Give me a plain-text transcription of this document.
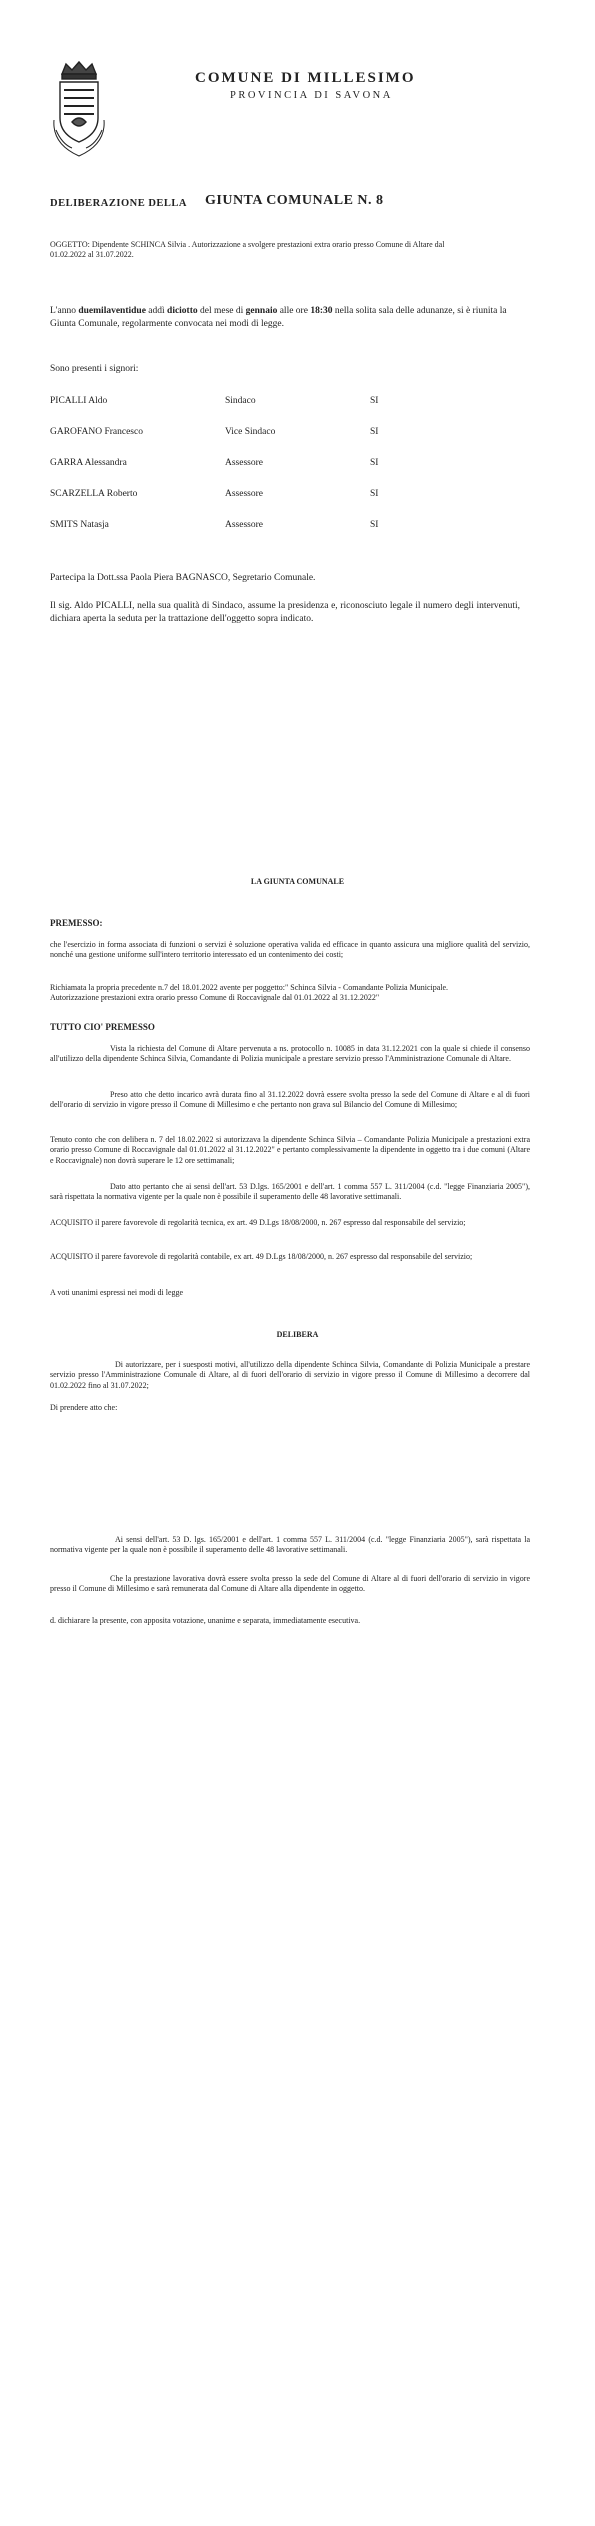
COMUNE DI MILLESIMO
PROVINCIA DI SAVONA
DELIBERAZIONE DELLA GIUNTA COMUNALE N. 8
OGGETTO: Dipendente SCHINCA Silvia . Autorizzazione a svolgere prestazioni extra orario presso Comune di Altare dal 01.02.2022 al 31.07.2022.
L'anno duemilaventidue addì diciotto del mese di gennaio alle ore 18:30 nella solita sala delle adunanze, si è riunita la Giunta Comunale, regolarmente convocata nei modi di legge.
Sono presenti i signori:
PICALLI Aldo	Sindaco	SI
GAROFANO Francesco	Vice Sindaco	SI
GARRA Alessandra	Assessore	SI
SCARZELLA Roberto	Assessore	SI
SMITS Natasja	Assessore	SI
Partecipa la Dott.ssa Paola Piera BAGNASCO, Segretario Comunale.
Il sig. Aldo PICALLI, nella sua qualità di Sindaco, assume la presidenza e, riconosciuto legale il numero degli intervenuti, dichiara aperta la seduta per la trattazione dell'oggetto sopra indicato.
LA GIUNTA COMUNALE
PREMESSO:
che l'esercizio in forma associata di funzioni o servizi è soluzione operativa valida ed efficace in quanto assicura una migliore qualità del servizio, nonché una gestione uniforme sull'intero territorio interessato ed un contenimento dei costi;
Richiamata la propria precedente n.7 del 18.01.2022 avente per poggetto:" Schinca Silvia - Comandante Polizia Municipale. Autorizzazione prestazioni extra orario presso Comune di Roccavignale dal 01.01.2022 al 31.12.2022"
TUTTO CIO' PREMESSO
Vista la richiesta del Comune di Altare pervenuta a ns. protocollo n. 10085 in data 31.12.2021 con la quale si chiede il consenso all'utilizzo della dipendente Schinca Silvia, Comandante di Polizia municipale a prestare servizio presso l'Amministrazione Comunale di Altare.
Preso atto che detto incarico avrà durata fino al 31.12.2022 dovrà essere svolta presso la sede del Comune di Altare e al di fuori dell'orario di servizio in vigore presso il Comune di Millesimo e che pertanto non grava sul Bilancio del Comune di Millesimo;
Tenuto conto che con delibera n. 7 del 18.02.2022 si autorizzava la dipendente Schinca Silvia – Comandante Polizia Municipale a prestazioni extra orario presso Comune di Roccavignale dal 01.01.2022 al 31.12.2022" e pertanto complessivamente la dipendente in oggetto tra i due comuni (Altare e Roccavignale) non dovrà superare le 12 ore settimanali;
Dato atto pertanto che ai sensi dell'art. 53 D.lgs. 165/2001 e dell'art. 1 comma 557 L. 311/2004 (c.d. "legge Finanziaria 2005"), sarà rispettata la normativa vigente per la quale non è possibile il superamento delle 48 lavorative settimanali.
ACQUISITO il parere favorevole di regolarità tecnica, ex art. 49 D.Lgs 18/08/2000, n. 267 espresso dal responsabile del servizio;
ACQUISITO il parere favorevole di regolarità contabile, ex art. 49 D.Lgs 18/08/2000, n. 267 espresso dal responsabile del servizio;
A voti unanimi espressi nei modi di legge
DELIBERA
Di autorizzare, per i suesposti motivi, all'utilizzo della dipendente Schinca Silvia, Comandante di Polizia Municipale a prestare servizio presso l'Amministrazione Comunale di Altare, al di fuori dell'orario di servizio in vigore presso il Comune di Millesimo a decorrere dal 01.02.2022 fino al 31.07.2022;
Di prendere atto che:
Ai sensi dell'art. 53 D. lgs. 165/2001 e dell'art. 1 comma 557 L. 311/2004 (c.d. "legge Finanziaria 2005"), sarà rispettata la normativa vigente per la quale non è possibile il superamento delle 48 lavorative settimanali.
Che la prestazione lavorativa dovrà essere svolta presso la sede del Comune di Altare al di fuori dell'orario di servizio in vigore presso il Comune di Millesimo e sarà remunerata dal Comune di Altare alla dipendente in oggetto.
d. dichiarare la presente, con apposita votazione, unanime e separata, immediatamente esecutiva.
